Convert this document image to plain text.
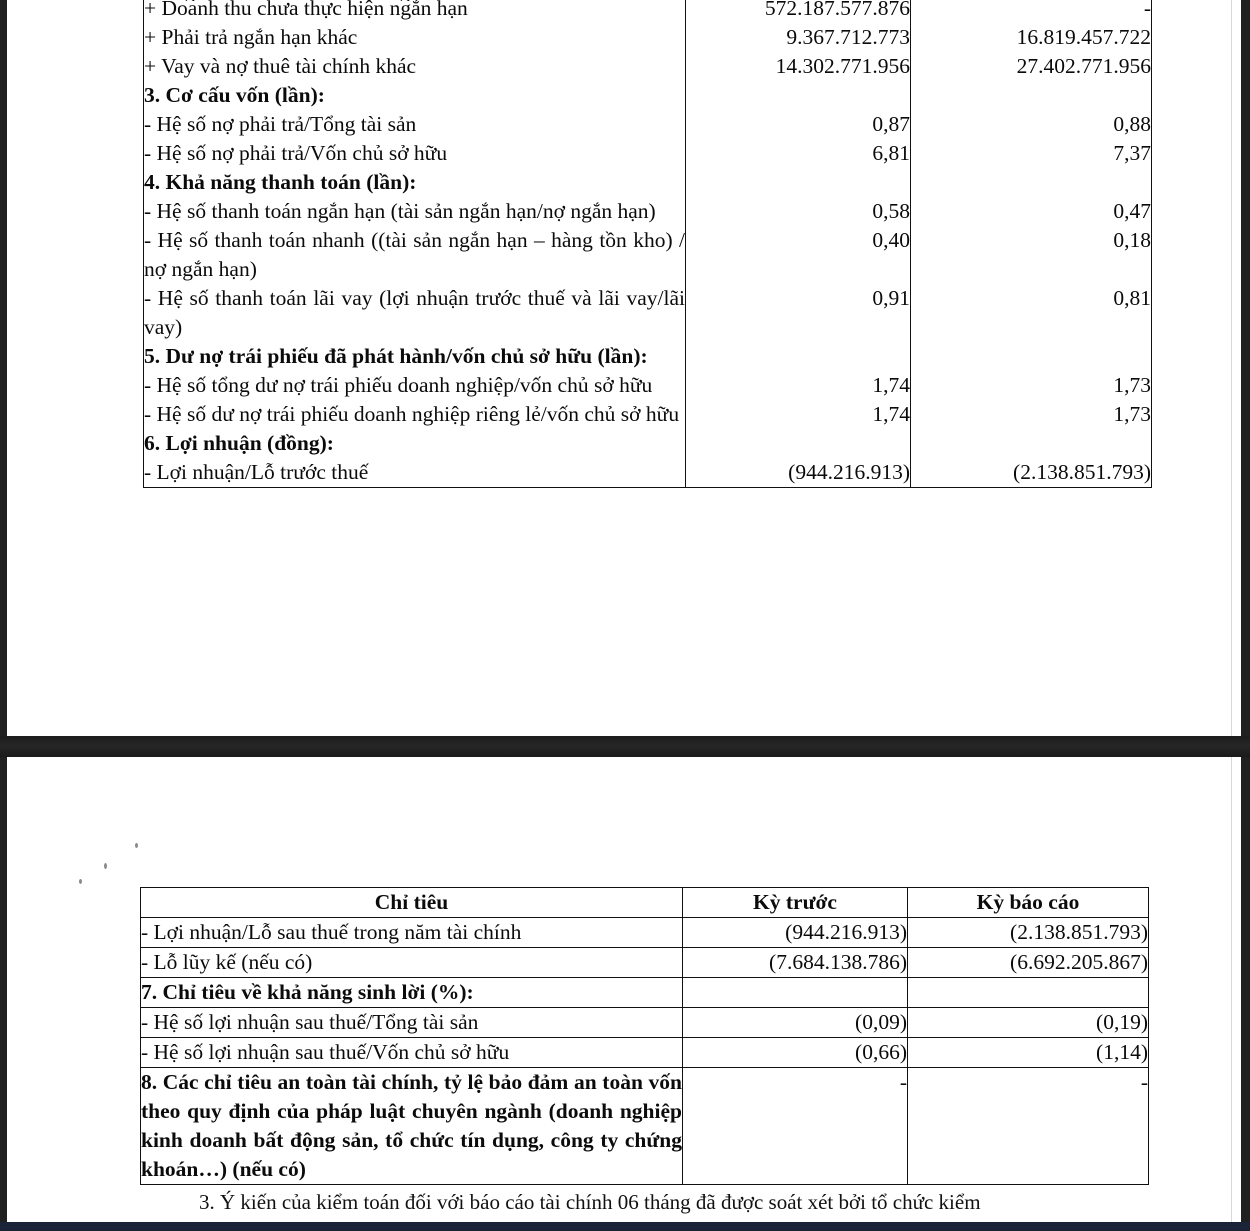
+ Doanh thu chưa thực hiện ngắn hạn	572.187.577.876	-
+ Phải trả ngắn hạn khác	9.367.712.773	16.819.457.722
+ Vay và nợ thuê tài chính khác	14.302.771.956	27.402.771.956
3. Cơ cấu vốn (lần):		
- Hệ số nợ phải trả/Tổng tài sản	0,87	0,88
- Hệ số nợ phải trả/Vốn chủ sở hữu	6,81	7,37
4. Khả năng thanh toán (lần):		
- Hệ số thanh toán ngắn hạn (tài sản ngắn hạn/nợ ngắn hạn)	0,58	0,47
- Hệ số thanh toán nhanh ((tài sản ngắn hạn – hàng tồn kho) / nợ ngắn hạn)	0,40	0,18
- Hệ số thanh toán lãi vay (lợi nhuận trước thuế và lãi vay/lãi vay)	0,91	0,81
5. Dư nợ trái phiếu đã phát hành/vốn chủ sở hữu (lần):		
- Hệ số tổng dư nợ trái phiếu doanh nghiệp/vốn chủ sở hữu	1,74	1,73
- Hệ số dư nợ trái phiếu doanh nghiệp riêng lẻ/vốn chủ sở hữu	1,74	1,73
6. Lợi nhuận (đồng):		
- Lợi nhuận/Lỗ trước thuế	(944.216.913)	(2.138.851.793)
Chỉ tiêu	Kỳ trước	Kỳ báo cáo
- Lợi nhuận/Lỗ sau thuế trong năm tài chính	(944.216.913)	(2.138.851.793)
- Lỗ lũy kế (nếu có)	(7.684.138.786)	(6.692.205.867)
7. Chỉ tiêu về khả năng sinh lời (%):		
- Hệ số lợi nhuận sau thuế/Tổng tài sản	(0,09)	(0,19)
- Hệ số lợi nhuận sau thuế/Vốn chủ sở hữu	(0,66)	(1,14)
8. Các chỉ tiêu an toàn tài chính, tỷ lệ bảo đảm an toàn vốn theo quy định của pháp luật chuyên ngành (doanh nghiệp kinh doanh bất động sản, tổ chức tín dụng, công ty chứng khoán…) (nếu có)	-	-
3. Ý kiến của kiểm toán đối với báo cáo tài chính 06 tháng đã được soát xét bởi tổ chức kiểm
